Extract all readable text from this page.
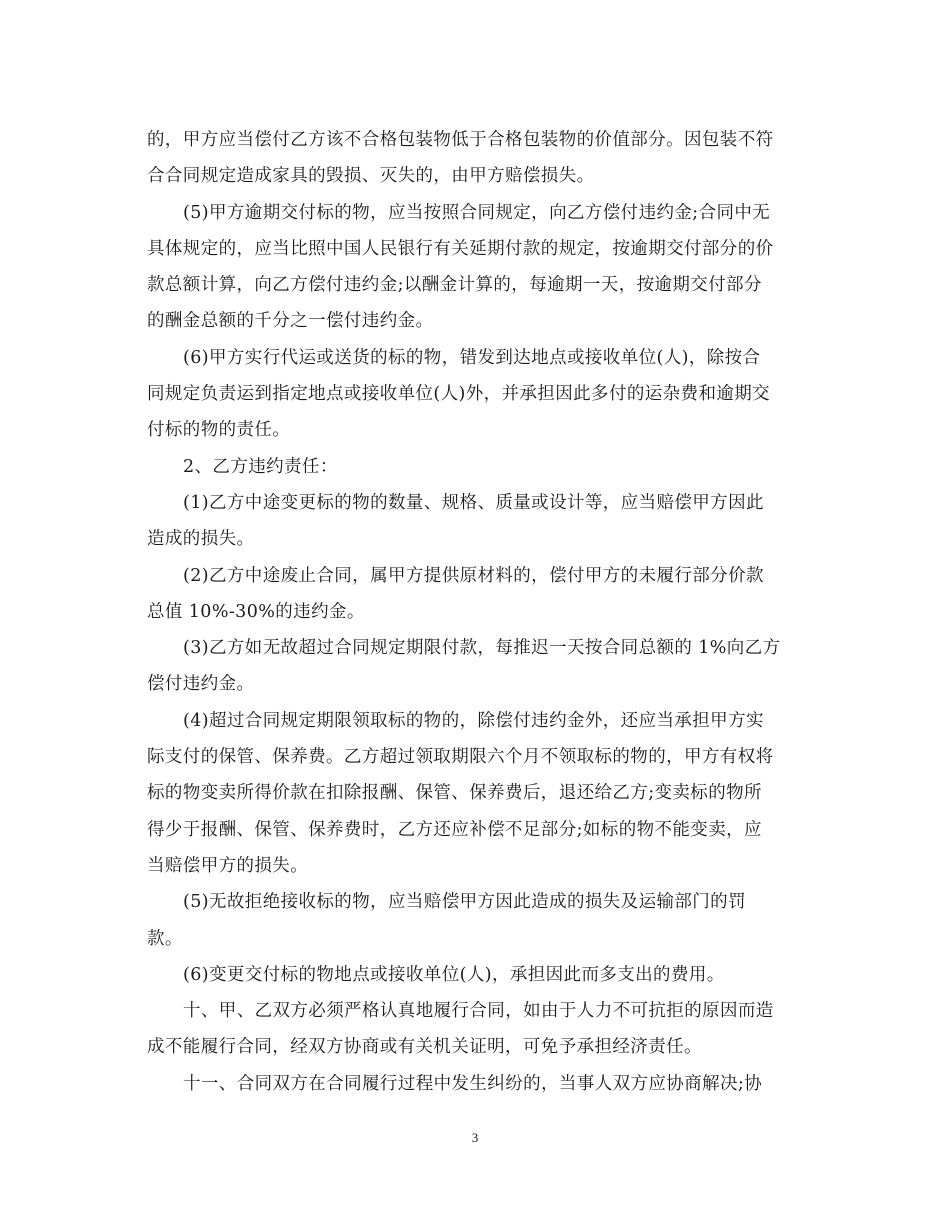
的，甲方应当偿付乙方该不合格包装物低于合格包装物的价值部分。因包装不符
合合同规定造成家具的毁损、灭失的，由甲方赔偿损失。
(5)甲方逾期交付标的物，应当按照合同规定，向乙方偿付违约金;合同中无
具体规定的，应当比照中国人民银行有关延期付款的规定，按逾期交付部分的价
款总额计算，向乙方偿付违约金;以酬金计算的，每逾期一天，按逾期交付部分
的酬金总额的千分之一偿付违约金。
(6)甲方实行代运或送货的标的物，错发到达地点或接收单位(人)，除按合
同规定负责运到指定地点或接收单位(人)外，并承担因此多付的运杂费和逾期交
付标的物的责任。
2、乙方违约责任：
(1)乙方中途变更标的物的数量、规格、质量或设计等，应当赔偿甲方因此
造成的损失。
(2)乙方中途废止合同，属甲方提供原材料的，偿付甲方的未履行部分价款
总值 10%-30%的违约金。
(3)乙方如无故超过合同规定期限付款，每推迟一天按合同总额的 1%向乙方
偿付违约金。
(4)超过合同规定期限领取标的物的，除偿付违约金外，还应当承担甲方实
际支付的保管、保养费。乙方超过领取期限六个月不领取标的物的，甲方有权将
标的物变卖所得价款在扣除报酬、保管、保养费后，退还给乙方;变卖标的物所
得少于报酬、保管、保养费时，乙方还应补偿不足部分;如标的物不能变卖，应
当赔偿甲方的损失。
(5)无故拒绝接收标的物，应当赔偿甲方因此造成的损失及运输部门的罚
款。
(6)变更交付标的物地点或接收单位(人)，承担因此而多支出的费用。
十、甲、乙双方必须严格认真地履行合同，如由于人力不可抗拒的原因而造
成不能履行合同，经双方协商或有关机关证明，可免予承担经济责任。
十一、合同双方在合同履行过程中发生纠纷的，当事人双方应协商解决;协
3
